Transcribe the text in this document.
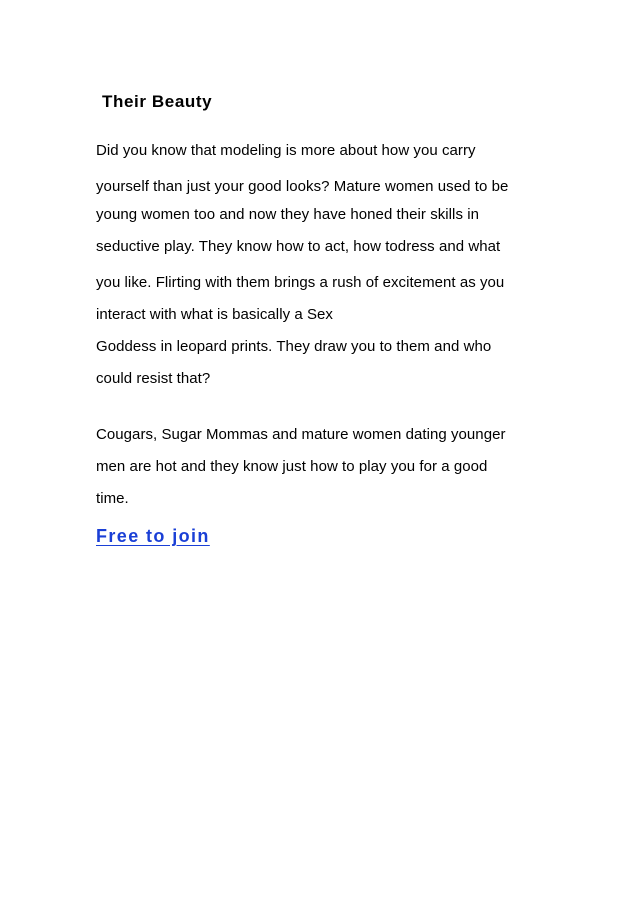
Their Beauty

Did you know that modeling is more about how you carry

yourself than just your good looks? Mature women used to be

young women too and now they have honed their skills in

seductive play. They know how to act, how todress and what

you like. Flirting with them brings a rush of excitement as you

interact with what is basically a Sex

Goddess in leopard prints. They draw you to them and who

could resist that?

Cougars, Sugar Mommas and mature women dating younger

men are hot and they know just how to play you for a good

time.

Free to join
